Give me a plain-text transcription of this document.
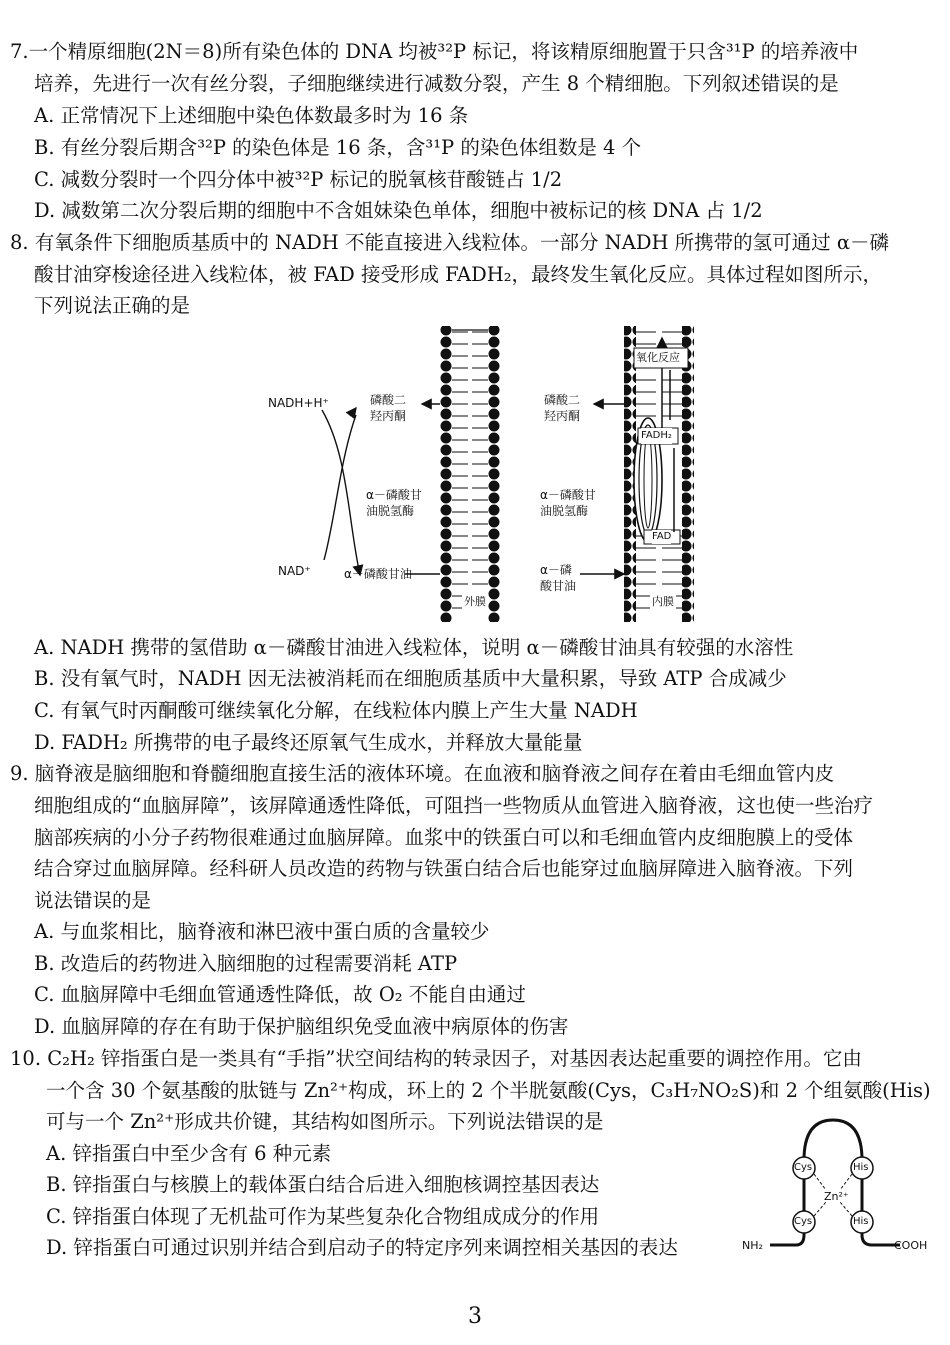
7.一个精原细胞(2N＝8)所有染色体的 DNA 均被³²P 标记，将该精原细胞置于只含³¹P 的培养液中
培养，先进行一次有丝分裂，子细胞继续进行减数分裂，产生 8 个精细胞。下列叙述错误的是
A. 正常情况下上述细胞中染色体数最多时为 16 条
B. 有丝分裂后期含³²P 的染色体是 16 条，含³¹P 的染色体组数是 4 个
C. 减数分裂时一个四分体中被³²P 标记的脱氧核苷酸链占 1/2
D. 减数第二次分裂后期的细胞中不含姐妹染色单体，细胞中被标记的核 DNA 占 1/2
8. 有氧条件下细胞质基质中的 NADH 不能直接进入线粒体。一部分 NADH 所携带的氢可通过 α－磷
酸甘油穿梭途径进入线粒体，被 FAD 接受形成 FADH₂，最终发生氧化反应。具体过程如图所示，
下列说法正确的是
NADH+H⁺
NAD⁺
磷酸二
羟丙酮
α－磷酸甘
油脱氢酶
α－磷酸甘油
磷酸二
羟丙酮
α－磷酸甘
油脱氢酶
α－磷
酸甘油
氧化反应
FADH₂
FAD
外膜	内膜
A. NADH 携带的氢借助 α－磷酸甘油进入线粒体，说明 α－磷酸甘油具有较强的水溶性
B. 没有氧气时，NADH 因无法被消耗而在细胞质基质中大量积累，导致 ATP 合成减少
C. 有氧气时丙酮酸可继续氧化分解，在线粒体内膜上产生大量 NADH
D. FADH₂ 所携带的电子最终还原氧气生成水，并释放大量能量
9. 脑脊液是脑细胞和脊髓细胞直接生活的液体环境。在血液和脑脊液之间存在着由毛细血管内皮
细胞组成的“血脑屏障”，该屏障通透性降低，可阻挡一些物质从血管进入脑脊液，这也使一些治疗
脑部疾病的小分子药物很难通过血脑屏障。血浆中的铁蛋白可以和毛细血管内皮细胞膜上的受体
结合穿过血脑屏障。经科研人员改造的药物与铁蛋白结合后也能穿过血脑屏障进入脑脊液。下列
说法错误的是
A. 与血浆相比，脑脊液和淋巴液中蛋白质的含量较少
B. 改造后的药物进入脑细胞的过程需要消耗 ATP
C. 血脑屏障中毛细血管通透性降低，故 O₂ 不能自由通过
D. 血脑屏障的存在有助于保护脑组织免受血液中病原体的伤害
10. C₂H₂ 锌指蛋白是一类具有“手指”状空间结构的转录因子，对基因表达起重要的调控作用。它由
一个含 30 个氨基酸的肽链与 Zn²⁺构成，环上的 2 个半胱氨酸(Cys，C₃H₇NO₂S)和 2 个组氨酸(His)
可与一个 Zn²⁺形成共价键，其结构如图所示。下列说法错误的是
A. 锌指蛋白中至少含有 6 种元素
B. 锌指蛋白与核膜上的载体蛋白结合后进入细胞核调控基因表达
C. 锌指蛋白体现了无机盐可作为某些复杂化合物组成成分的作用
D. 锌指蛋白可通过识别并结合到启动子的特定序列来调控相关基因的表达
Cys	His
Cys	His
Zn²⁺
NH₂	COOH
3
